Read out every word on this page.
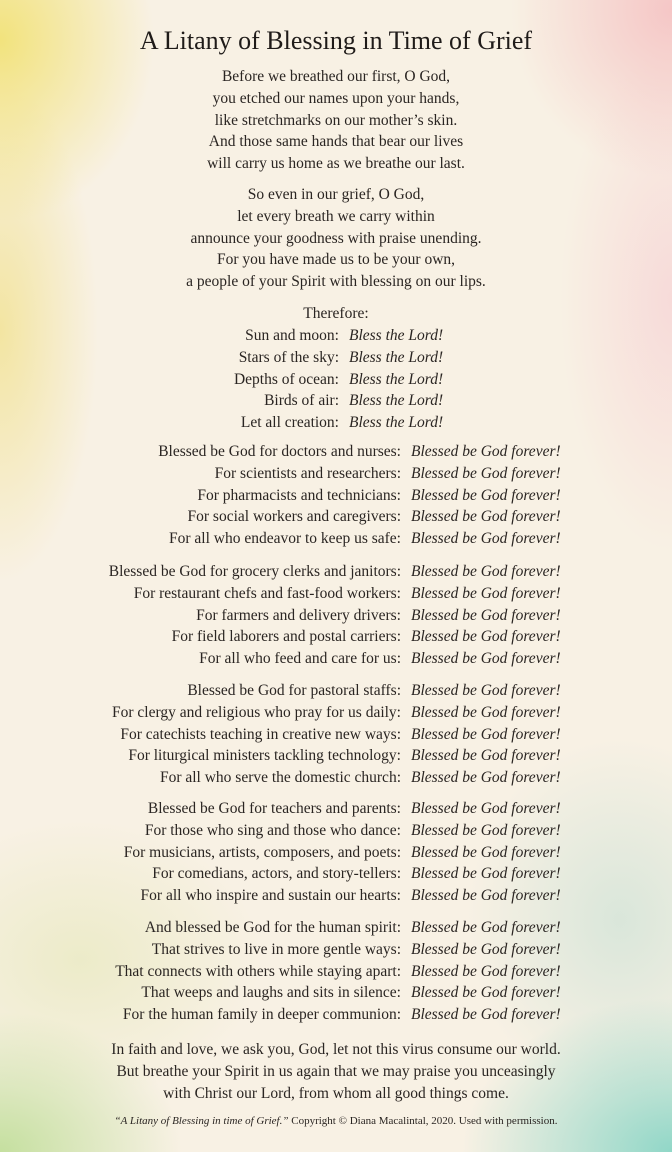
A Litany of Blessing in Time of Grief
Before we breathed our first, O God,
you etched our names upon your hands,
like stretchmarks on our mother’s skin.
And those same hands that bear our lives
will carry us home as we breathe our last.
So even in our grief, O God,
let every breath we carry within
announce your goodness with praise unending.
For you have made us to be your own,
a people of your Spirit with blessing on our lips.
Therefore:
Sun and moon: Bless the Lord!
Stars of the sky: Bless the Lord!
Depths of ocean: Bless the Lord!
Birds of air: Bless the Lord!
Let all creation: Bless the Lord!
Blessed be God for doctors and nurses: Blessed be God forever!
For scientists and researchers: Blessed be God forever!
For pharmacists and technicians: Blessed be God forever!
For social workers and caregivers: Blessed be God forever!
For all who endeavor to keep us safe: Blessed be God forever!
Blessed be God for grocery clerks and janitors: Blessed be God forever!
For restaurant chefs and fast-food workers: Blessed be God forever!
For farmers and delivery drivers: Blessed be God forever!
For field laborers and postal carriers: Blessed be God forever!
For all who feed and care for us: Blessed be God forever!
Blessed be God for pastoral staffs: Blessed be God forever!
For clergy and religious who pray for us daily: Blessed be God forever!
For catechists teaching in creative new ways: Blessed be God forever!
For liturgical ministers tackling technology: Blessed be God forever!
For all who serve the domestic church: Blessed be God forever!
Blessed be God for teachers and parents: Blessed be God forever!
For those who sing and those who dance: Blessed be God forever!
For musicians, artists, composers, and poets: Blessed be God forever!
For comedians, actors, and story-tellers: Blessed be God forever!
For all who inspire and sustain our hearts: Blessed be God forever!
And blessed be God for the human spirit: Blessed be God forever!
That strives to live in more gentle ways: Blessed be God forever!
That connects with others while staying apart: Blessed be God forever!
That weeps and laughs and sits in silence: Blessed be God forever!
For the human family in deeper communion: Blessed be God forever!
In faith and love, we ask you, God, let not this virus consume our world.
But breathe your Spirit in us again that we may praise you unceasingly
with Christ our Lord, from whom all good things come.
“A Litany of Blessing in time of Grief.” Copyright © Diana Macalintal, 2020. Used with permission.
